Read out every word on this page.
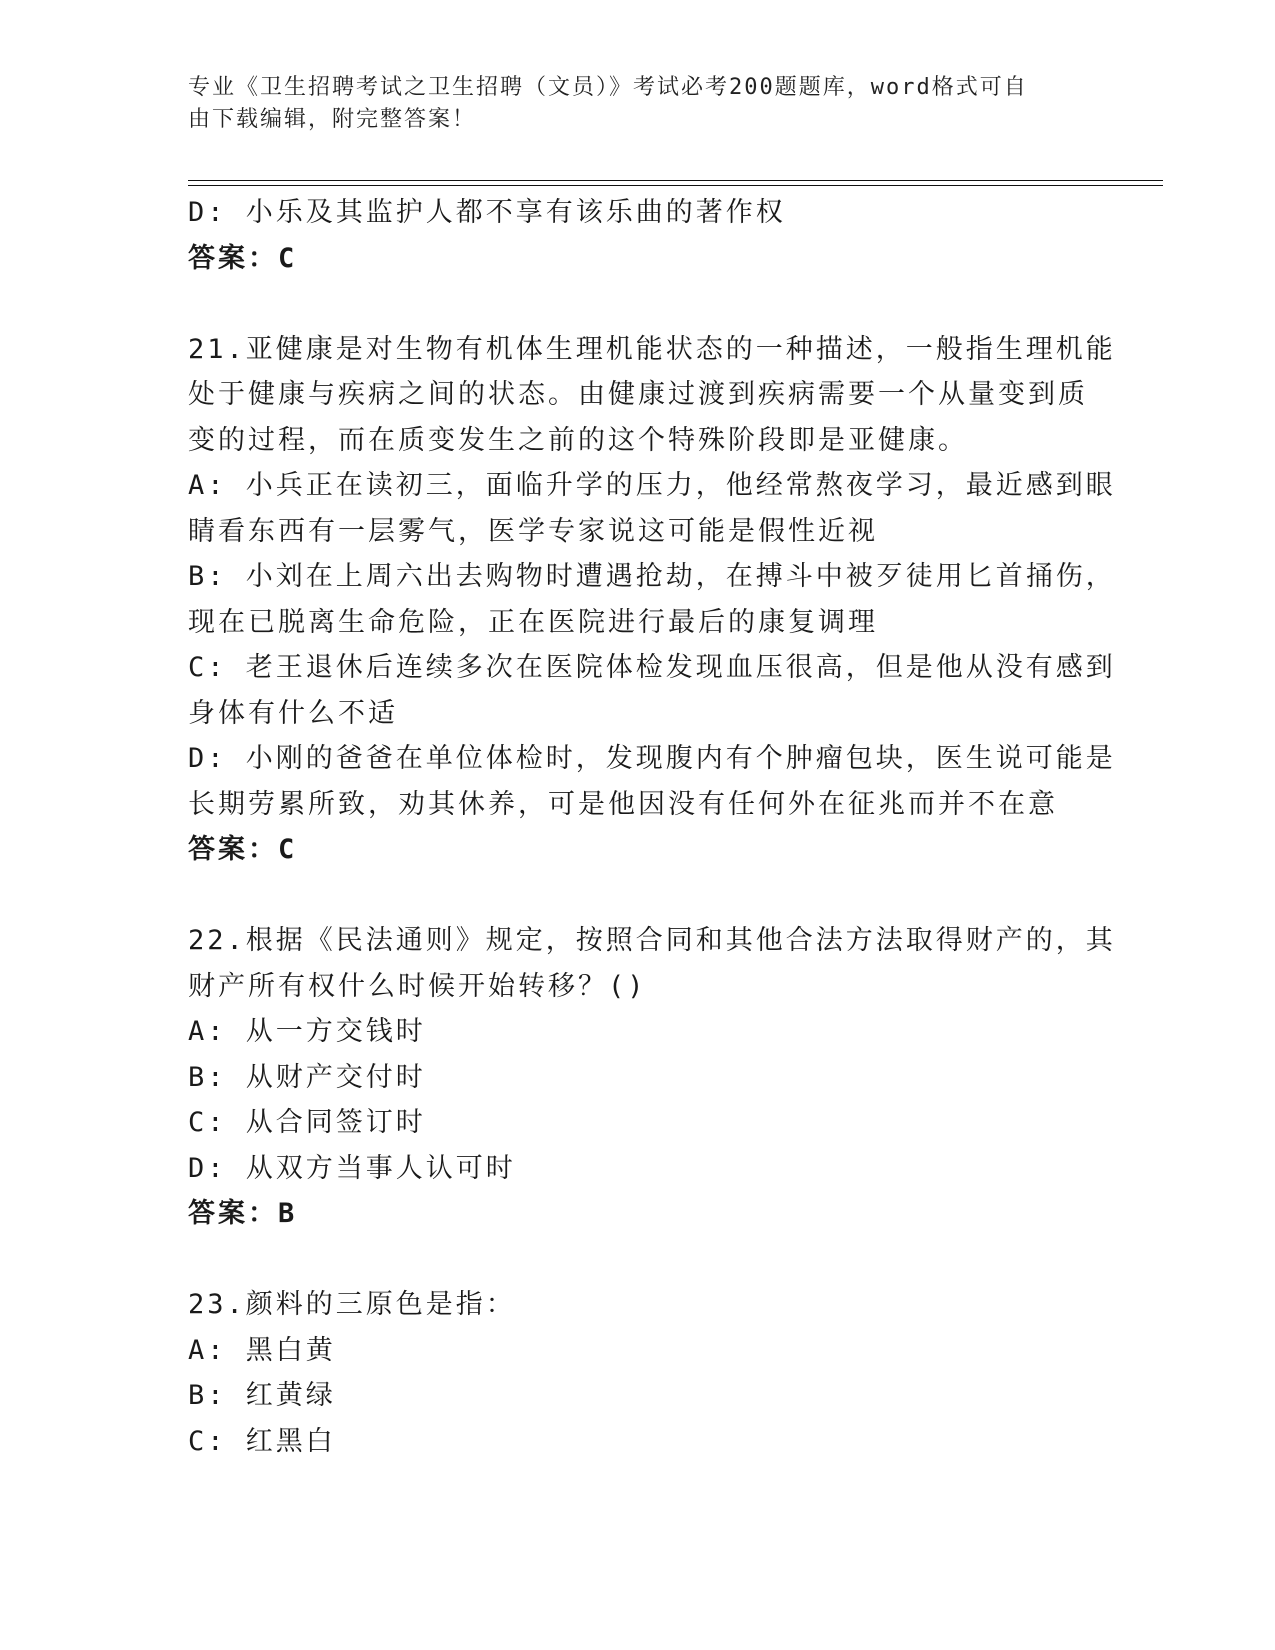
专业《卫生招聘考试之卫生招聘（文员）》考试必考200题题库，word格式可自
由下载编辑，附完整答案！
D: 小乐及其监护人都不享有该乐曲的著作权
答案：C
21.亚健康是对生物有机体生理机能状态的一种描述，一般指生理机能
处于健康与疾病之间的状态。由健康过渡到疾病需要一个从量变到质
变的过程，而在质变发生之前的这个特殊阶段即是亚健康。
A: 小兵正在读初三，面临升学的压力，他经常熬夜学习，最近感到眼
睛看东西有一层雾气，医学专家说这可能是假性近视
B: 小刘在上周六出去购物时遭遇抢劫，在搏斗中被歹徒用匕首捅伤，
现在已脱离生命危险，正在医院进行最后的康复调理
C: 老王退休后连续多次在医院体检发现血压很高，但是他从没有感到
身体有什么不适
D: 小刚的爸爸在单位体检时，发现腹内有个肿瘤包块，医生说可能是
长期劳累所致，劝其休养，可是他因没有任何外在征兆而并不在意
答案：C
22.根据《民法通则》规定，按照合同和其他合法方法取得财产的，其
财产所有权什么时候开始转移？()
A: 从一方交钱时
B: 从财产交付时
C: 从合同签订时
D: 从双方当事人认可时
答案：B
23.颜料的三原色是指：
A: 黑白黄
B: 红黄绿
C: 红黑白
